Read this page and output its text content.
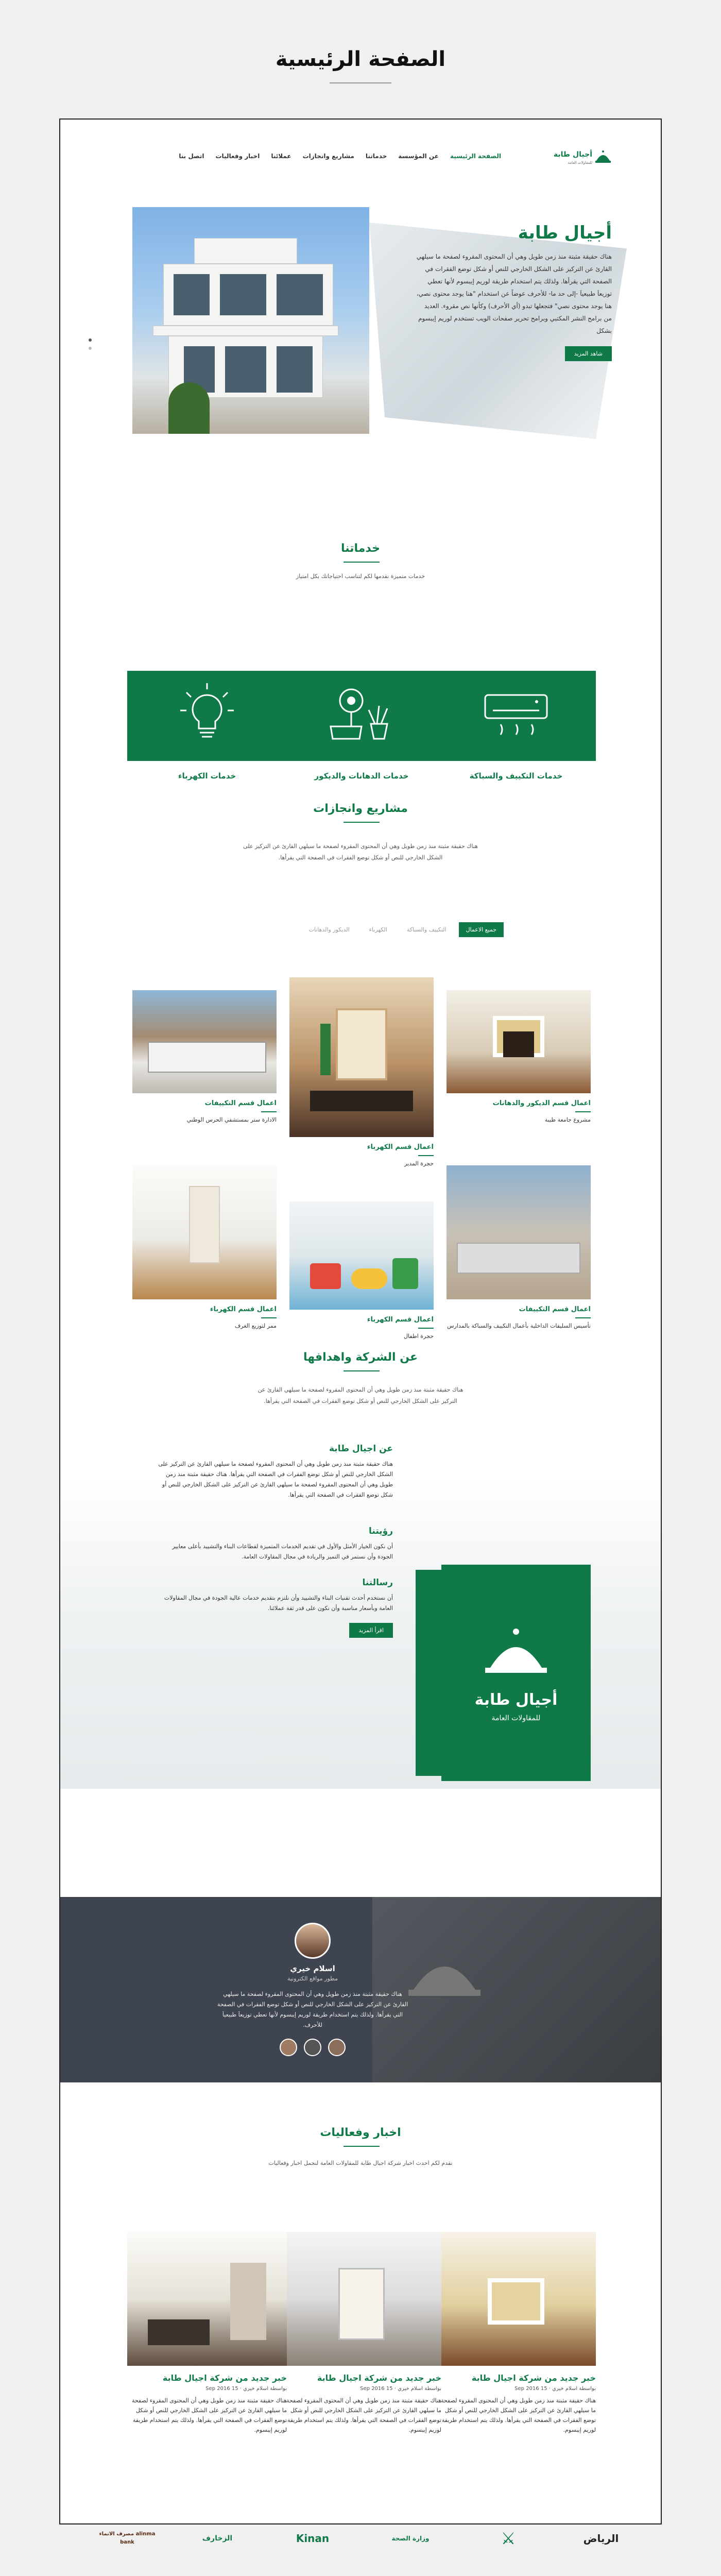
الصفحة الرئيسية
أجيال طابة
للمقاولات العامة
الصفحة الرئيسية
عن المؤسسة
خدماتنا
مشاريع وانجازات
عملائنا
اخبار وفعاليات
اتصل بنا
أجيال طابة

هناك حقيقة مثبتة منذ زمن طويل وهي أن المحتوى المقروء لصفحة ما سيلهي القارئ عن التركيز على الشكل الخارجي للنص أو شكل توضع الفقرات في الصفحة التي يقرأها. ولذلك يتم استخدام طريقة لوريم إيبسوم لأنها تعطي توزيعاَ طبيعياَ -إلى حد ما- للأحرف عوضاً عن استخدام "هنا يوجد محتوى نصي، هنا يوجد محتوى نصي" فتجعلها تبدو (أي الأحرف) وكأنها نص مقروء. العديد من برامح النشر المكتبي وبرامح تحرير صفحات الويب تستخدم لوريم إيبسوم بشكل

شاهد المزيد
خدماتنا
خدمات متميزة نقدمها لكم لتناسب احتياجاتك بكل امتياز
خدمات التكييف والسباكة
خدمات الدهانات والديكور
خدمات الكهرباء
مشاريع وانجازات
هناك حقيقة مثبتة منذ زمن طويل وهي أن المحتوى المقروء لصفحة ما سيلهي القارئ عن التركيز على الشكل الخارجي للنص أو شكل توضع الفقرات في الصفحة التي يقرأها.
جميع الاعمال
التكييف والسباكة
الكهرباء
الديكور والدهانات
اعمال قسم الديكور والدهانات
مشروع جامعة طيبة
اعمال قسم الكهرباء
حجرة المدير
اعمال قسم التكييفات
الادارة ستر بمستشفي الحرس الوطني
اعمال قسم التكييفات
تأسيس السليفات الداخلية بأعمال التكييف والسباكة بالمدارس
اعمال قسم الكهرباء
حجرة اطفال
اعمال قسم الكهرباء
ممر لتوزيع الغرف
عن الشركة واهدافها
هناك حقيقة مثبتة منذ زمن طويل وهي أن المحتوى المقروء لصفحة ما سيلهي القارئ عن التركيز على الشكل الخارجي للنص أو شكل توضع الفقرات في الصفحة التي يقرأها.
أجيال طابة
للمقاولات العامة
عن اجيال طابة

هناك حقيقة مثبتة منذ زمن طويل وهي أن المحتوى المقروء لصفحة ما سيلهي القارئ عن التركيز على الشكل الخارجي للنص أو شكل توضع الفقرات في الصفحة التي يقرأها. هناك حقيقة مثبتة منذ زمن طويل وهي أن المحتوى المقروء لصفحة ما سيلهي القارئ عن التركيز على الشكل الخارجي للنص أو شكل توضع الفقرات في الصفحة التي يقرأها.

رؤيتنا

أن نكون الخيار الأمثل والأول في تقديم الخدمات المتميزة لقطاعات البناء والتشييد بأعلى معايير الجودة وأن نستمر في التميز والريادة في مجال المقاولات العامة.

رسالتنا

أن نستخدم أحدث تقنيات البناء والتشييد وأن نلتزم بتقديم خدمات عالية الجودة في مجال المقاولات العامة وبأسعار مناسبة وأن نكون على قدر ثقة عملائنا.

اقرأ المزيد
اسلام خيري
مطور مواقع الكترونية
هناك حقيقة مثبتة منذ زمن طويل وهي أن المحتوى المقروء لصفحة ما سيلهي القارئ عن التركيز على الشكل الخارجي للنص أو شكل توضع الفقرات في الصفحة التي يقرأها. ولذلك يتم استخدام طريقة لوريم إيبسوم لأنها تعطي توزيعاَ طبيعياَ للأحرف.

اخبار وفعاليات
نقدم لكم احدث اخبار شركة اجيال طابة للمقاولات العامة لنحمل اخبار وفعاليات
خبر جديد من شركة اجيال طابة
بواسطة اسلام خيري · Sep 2016 15
هناك حقيقة مثبتة منذ زمن طويل وهي أن المحتوى المقروء لصفحة ما سيلهي القارئ عن التركيز على الشكل الخارجي للنص أو شكل توضع الفقرات في الصفحة التي يقرأها. ولذلك يتم استخدام طريقة لوريم إيبسوم.
خبر جديد من شركة اجيال طابة
بواسطة اسلام خيري · Sep 2016 15
هناك حقيقة مثبتة منذ زمن طويل وهي أن المحتوى المقروء لصفحة ما سيلهي القارئ عن التركيز على الشكل الخارجي للنص أو شكل توضع الفقرات في الصفحة التي يقرأها. ولذلك يتم استخدام طريقة لوريم إيبسوم.
خبر جديد من شركة اجيال طابة
بواسطة اسلام خيري · Sep 2016 15
هناك حقيقة مثبتة منذ زمن طويل وهي أن المحتوى المقروء لصفحة ما سيلهي القارئ عن التركيز على الشكل الخارجي للنص أو شكل توضع الفقرات في الصفحة التي يقرأها. ولذلك يتم استخدام طريقة لوريم إيبسوم.
الرياض
⚔
وزارة الصحة
Kinan
الزخارف
مصرف الانماء alinma bank
